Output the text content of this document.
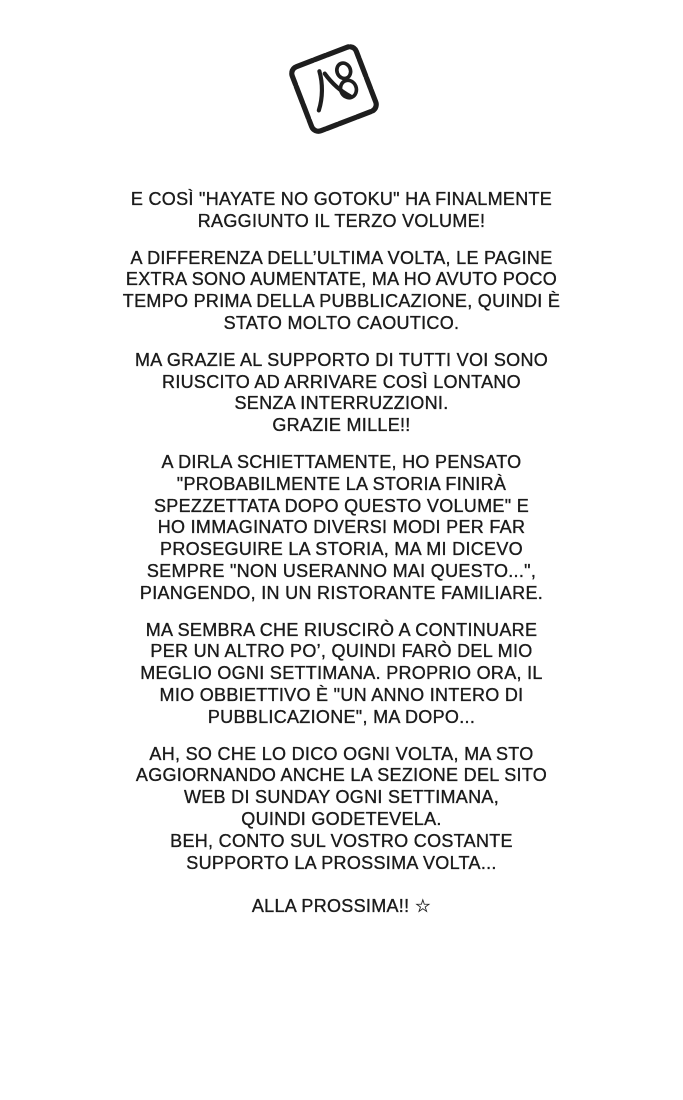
E COSÌ "HAYATE NO GOTOKU" HA FINALMENTE
RAGGIUNTO IL TERZO VOLUME!

A DIFFERENZA DELL’ULTIMA VOLTA, LE PAGINE
EXTRA SONO AUMENTATE, MA HO AVUTO POCO
TEMPO PRIMA DELLA PUBBLICAZIONE, QUINDI È
STATO MOLTO CAOUTICO.

MA GRAZIE AL SUPPORTO DI TUTTI VOI SONO
RIUSCITO AD ARRIVARE COSÌ LONTANO
SENZA INTERRUZZIONI.
GRAZIE MILLE!!

A DIRLA SCHIETTAMENTE, HO PENSATO
"PROBABILMENTE LA STORIA FINIRÀ
SPEZZETTATA DOPO QUESTO VOLUME" E
HO IMMAGINATO DIVERSI MODI PER FAR
PROSEGUIRE LA STORIA, MA MI DICEVO
SEMPRE "NON USERANNO MAI QUESTO...",
PIANGENDO, IN UN RISTORANTE FAMILIARE.

MA SEMBRA CHE RIUSCIRÒ A CONTINUARE
PER UN ALTRO PO’, QUINDI FARÒ DEL MIO
MEGLIO OGNI SETTIMANA. PROPRIO ORA, IL
MIO OBBIETTIVO È "UN ANNO INTERO DI
PUBBLICAZIONE", MA DOPO...

AH, SO CHE LO DICO OGNI VOLTA, MA STO
AGGIORNANDO ANCHE LA SEZIONE DEL SITO
WEB DI SUNDAY OGNI SETTIMANA,
QUINDI GODETEVELA.
BEH, CONTO SUL VOSTRO COSTANTE
SUPPORTO LA PROSSIMA VOLTA...

ALLA PROSSIMA!! ☆
